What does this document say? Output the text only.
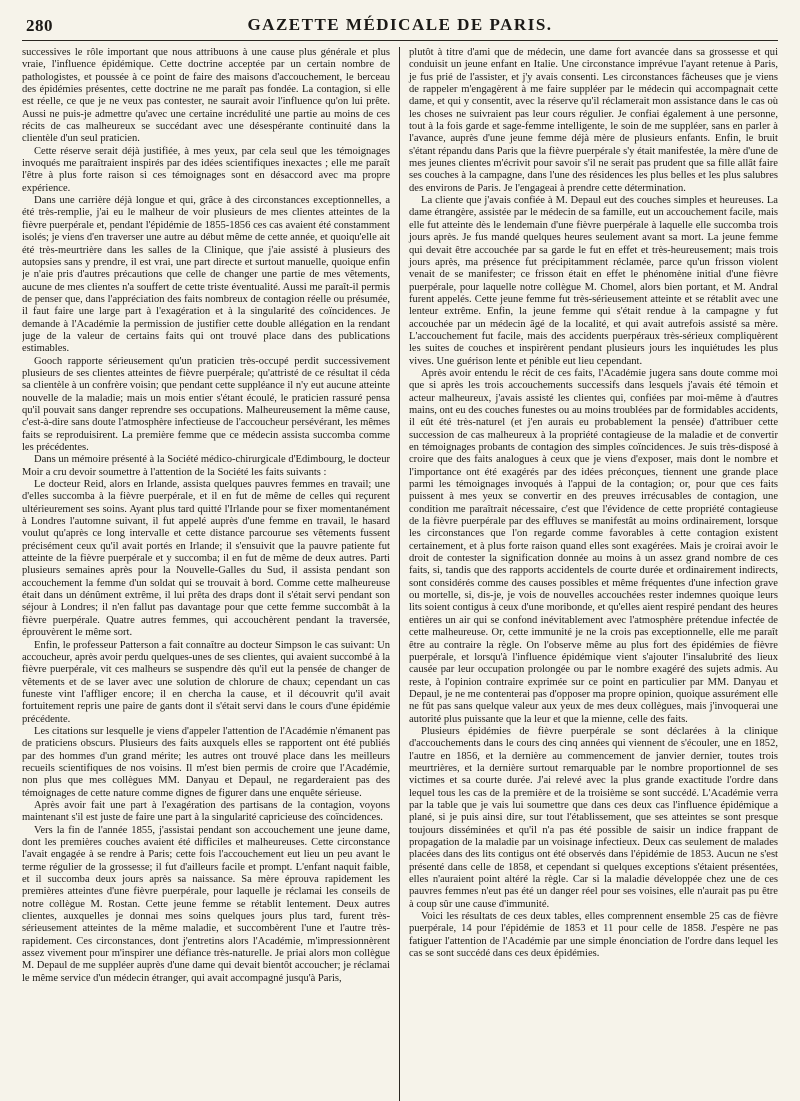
280	GAZETTE MÉDICALE DE PARIS.

successives le rôle important que nous attribuons à une cause plus générale et plus vraie, l'influence épidémique. Cette doctrine acceptée par un certain nombre de pathologistes, et poussée à ce point de faire des maisons d'accouchement, le berceau des épidémies présentes, cette doctrine ne me paraît pas fondée. La contagion, si elle est réelle, ce que je ne veux pas contester, ne saurait avoir l'influence qu'on lui prête. Aussi ne puis-je admettre qu'avec une certaine incrédulité une partie au moins de ces récits de cas malheureux se succédant avec une désespérante continuité dans la clientèle d'un seul praticien.

Cette réserve serait déjà justifiée, à mes yeux, par cela seul que les témoignages invoqués me paraîtraient inspirés par des idées scientifiques inexactes ; elle me paraît l'être à plus forte raison si ces témoignages sont en désaccord avec ma propre expérience.

Dans une carrière déjà longue et qui, grâce à des circonstances exceptionnelles, a été très-remplie, j'ai eu le malheur de voir plusieurs de mes clientes atteintes de la fièvre puerpérale et, pendant l'épidémie de 1855-1856 ces cas avaient été constamment isolés; je viens d'en traverser une autre au début même de cette année, et quoiqu'elle ait été très-meurtrière dans les salles de la Clinique, que j'aie assisté à plusieurs des autopsies sans y prendre, il est vrai, une part directe et surtout manuelle, quoique enfin je n'aie pris d'autres précautions que celle de changer une partie de mes vêtements, aucune de mes clientes n'a souffert de cette triste éventualité. Aussi me paraît-il permis de penser que, dans l'appréciation des faits nombreux de contagion réelle ou présumée, il faut faire une large part à l'exagération et à la singularité des coïncidences. Je demande à l'Académie la permission de justifier cette double allégation en la rendant juge de la valeur de certains faits qui ont trouvé place dans des publications estimables.

Gooch rapporte sérieusement qu'un praticien très-occupé perdit successivement plusieurs de ses clientes atteintes de fièvre puerpérale; qu'attristé de ce résultat il céda sa clientèle à un confrère voisin; que pendant cette suppléance il n'y eut aucune atteinte nouvelle de la maladie; mais un mois entier s'étant écoulé, le praticien rassuré pensa qu'il pouvait sans danger reprendre ses occupations. Malheureusement la même cause, c'est-à-dire sans doute l'atmosphère infectieuse de l'accoucheur persévérant, les mêmes faits se reproduisirent. La première femme que ce médecin assista succomba comme les précédentes.

Dans un mémoire présenté à la Société médico-chirurgicale d'Edimbourg, le docteur Moir a cru devoir soumettre à l'attention de la Société les faits suivants :

Le docteur Reid, alors en Irlande, assista quelques pauvres femmes en travail; une d'elles succomba à la fièvre puerpérale, et il en fut de même de celles qui reçurent ultérieurement ses soins. Ayant plus tard quitté l'Irlande pour se fixer momentanément à Londres l'automne suivant, il fut appelé auprès d'une femme en travail, le hasard voulut qu'après ce long intervalle et cette distance parcourue ses vêtements fussent précisément ceux qu'il avait portés en Irlande; il s'ensuivit que la pauvre patiente fut atteinte de la fièvre puerpérale et y succomba; il en fut de même de deux autres. Parti plusieurs semaines après pour la Nouvelle-Galles du Sud, il assista pendant son accouchement la femme d'un soldat qui se trouvait à bord. Comme cette malheureuse était dans un dénûment extrême, il lui prêta des draps dont il s'était servi pendant son séjour à Londres; il n'en fallut pas davantage pour que cette femme succombât à la fièvre puerpérale. Quatre autres femmes, qui accouchèrent pendant la traversée, éprouvèrent le même sort.

Enfin, le professeur Patterson a fait connaître au docteur Simpson le cas suivant: Un accoucheur, après avoir perdu quelques-unes de ses clientes, qui avaient succombé à la fièvre puerpérale, vit ces malheurs se suspendre dès qu'il eut la pensée de changer de vêtements et de se laver avec une solution de chlorure de chaux; cependant un cas funeste vint l'affliger encore; il en chercha la cause, et il découvrit qu'il avait fortuitement repris une paire de gants dont il s'était servi dans le cours d'une épidémie précédente.

Les citations sur lesquelle je viens d'appeler l'attention de l'Académie n'émanent pas de praticiens obscurs. Plusieurs des faits auxquels elles se rapportent ont été publiés par des hommes d'un grand mérite; les autres ont trouvé place dans les meilleurs recueils scientifiques de nos voisins. Il m'est bien permis de croire que l'Académie, non plus que mes collègues MM. Danyau et Depaul, ne regarderaient pas des témoignages de cette nature comme dignes de figurer dans une enquête sérieuse.

Après avoir fait une part à l'exagération des partisans de la contagion, voyons maintenant s'il est juste de faire une part à la singularité capricieuse des coïncidences.

Vers la fin de l'année 1855, j'assistai pendant son accouchement une jeune dame, dont les premières couches avaient été difficiles et malheureuses. Cette circonstance l'avait engagée à se rendre à Paris; cette fois l'accouchement eut lieu un peu avant le terme régulier de la grossesse; il fut d'ailleurs facile et prompt. L'enfant naquit faible, et il succomba deux jours après sa naissance. Sa mère éprouva rapidement les premières atteintes d'une fièvre puerpérale, pour laquelle je réclamai les conseils de notre collègue M. Rostan. Cette jeune femme se rétablit lentement. Deux autres clientes, auxquelles je donnai mes soins quelques jours plus tard, furent très-sérieusement atteintes de la même maladie, et succombèrent l'une et l'autre très-rapidement. Ces circonstances, dont j'entretins alors l'Académie, m'impressionnèrent assez vivement pour m'inspirer une défiance très-naturelle. Je priai alors mon collègue M. Depaul de me suppléer auprès d'une dame qui devait bientôt accoucher; je réclamai le même service d'un médecin étranger, qui avait accompagné jusqu'à Paris,

plutôt à titre d'ami que de médecin, une dame fort avancée dans sa grossesse et qui conduisit un jeune enfant en Italie. Une circonstance imprévue l'ayant retenue à Paris, je fus prié de l'assister, et j'y avais consenti. Les circonstances fâcheuses que je viens de rappeler m'engagèrent à me faire suppléer par le médecin qui accompagnait cette dame, et qui y consentit, avec la réserve qu'il réclamerait mon assistance dans le cas où les choses ne suivraient pas leur cours régulier. Je confiai également à une personne, tout à la fois garde et sage-femme intelligente, le soin de me suppléer, sans en parler à l'avance, auprès d'une jeune femme déjà mère de plusieurs enfants. Enfin, le bruit s'étant répandu dans Paris que la fièvre puerpérale s'y était manifestée, la mère d'une de mes jeunes clientes m'écrivit pour savoir s'il ne serait pas prudent que sa fille allât faire ses couches à la campagne, dans l'une des résidences les plus belles et les plus salubres des environs de Paris. Je l'engageai à prendre cette détermination.

La cliente que j'avais confiée à M. Depaul eut des couches simples et heureuses. La dame étrangère, assistée par le médecin de sa famille, eut un accouchement facile, mais elle fut atteinte dès le lendemain d'une fièvre puerpérale à laquelle elle succomba trois jours après. Je fus mandé quelques heures seulement avant sa mort. La jeune femme qui devait être accouchée par sa garde le fut en effet et très-heureusement; mais trois jours après, ma présence fut précipitamment réclamée, parce qu'un frisson violent venait de se manifester; ce frisson était en effet le phénomène initial d'une fièvre puerpérale, pour laquelle notre collègue M. Chomel, alors bien portant, et M. Andral furent appelés. Cette jeune femme fut très-sérieusement atteinte et se rétablit avec une lenteur extrême. Enfin, la jeune femme qui s'était rendue à la campagne y fut accouchée par un médecin âgé de la localité, et qui avait autrefois assisté sa mère. L'accouchement fut facile, mais des accidents puerpéraux très-sérieux compliquèrent les suites de couches et inspirèrent pendant plusieurs jours les inquiétudes les plus vives. Une guérison lente et pénible eut lieu cependant.

Après avoir entendu le récit de ces faits, l'Académie jugera sans doute comme moi que si après les trois accouchements successifs dans lesquels j'avais été témoin et acteur malheureux, j'avais assisté les clientes qui, confiées par moi-même à d'autres mains, ont eu des couches funestes ou au moins troublées par de formidables accidents, il eût été très-naturel (et j'en aurais eu probablement la pensée) d'attribuer cette succession de cas malheureux à la propriété contagieuse de la maladie et de convertir en témoignages probants de contagion des simples coïncidences. Je suis très-disposé à croire que des faits analogues à ceux que je viens d'exposer, mais dont le nombre et l'importance ont été exagérés par des idées préconçues, tiennent une grande place parmi les témoignages invoqués à l'appui de la contagion; or, pour que ces faits puissent à mes yeux se convertir en des preuves irrécusables de contagion, une condition me paraîtrait nécessaire, c'est que l'évidence de cette propriété contagieuse de la fièvre puerpérale par des effluves se manifestât au moins ordinairement, lorsque les circonstances que l'on regarde comme favorables à cette contagion existent certainement, et à plus forte raison quand elles sont exagérées. Mais je croirai avoir le droit de contester la signification donnée au moins à un assez grand nombre de ces faits, si, tandis que des rapports accidentels de courte durée et ordinairement indirects, sont considérés comme des causes possibles et même fréquentes d'une infection grave ou mortelle, si, dis-je, je vois de nouvelles accouchées rester indemnes quoique leurs lits soient contigus à ceux d'une moribonde, et qu'elles aient respiré pendant des heures entières un air qui se confond inévitablement avec l'atmosphère prétendue infectée de cette malheureuse. Or, cette immunité je ne la crois pas exceptionnelle, elle me paraît être au contraire la règle. On l'observe même au plus fort des épidémies de fièvre puerpérale, et lorsqu'à l'influence épidémique vient s'ajouter l'insalubrité des lieux causée par leur occupation prolongée ou par le nombre exagéré des sujets admis. Au reste, à l'opinion contraire exprimée sur ce point en particulier par MM. Danyau et Depaul, je ne me contenterai pas d'opposer ma propre opinion, quoique assurément elle ne fût pas sans quelque valeur aux yeux de mes deux collègues, mais j'invoquerai une autorité plus puissante que la leur et que la mienne, celle des faits.

Plusieurs épidémies de fièvre puerpérale se sont déclarées à la clinique d'accouchements dans le cours des cinq années qui viennent de s'écouler, une en 1852, l'autre en 1856, et la dernière au commencement de janvier dernier, toutes trois meurtrières, et la dernière surtout remarquable par le nombre proportionnel de ses victimes et sa courte durée. J'ai relevé avec la plus grande exactitude l'ordre dans lequel tous les cas de la première et de la troisième se sont succédé. L'Académie verra par la table que je vais lui soumettre que dans ces deux cas l'influence épidémique a plané, si je puis ainsi dire, sur tout l'établissement, que ses atteintes se sont presque toujours disséminées et qu'il n'a pas été possible de saisir un indice frappant de propagation de la maladie par un voisinage infectieux. Deux cas seulement de malades placées dans des lits contigus ont été observés dans l'épidémie de 1853. Aucun ne s'est présenté dans celle de 1858, et cependant si quelques exceptions s'étaient présentées, elles n'auraient point altéré la règle. Car si la maladie développée chez une de ces pauvres femmes n'eut pas été un danger réel pour ses voisines, elle n'aurait pas pu être à coup sûr une cause d'immunité.

Voici les résultats de ces deux tables, elles comprennent ensemble 25 cas de fièvre puerpérale, 14 pour l'épidémie de 1853 et 11 pour celle de 1858. J'espère ne pas fatiguer l'attention de l'Académie par une simple énonciation de l'ordre dans lequel les cas se sont succédé dans ces deux épidémies.
